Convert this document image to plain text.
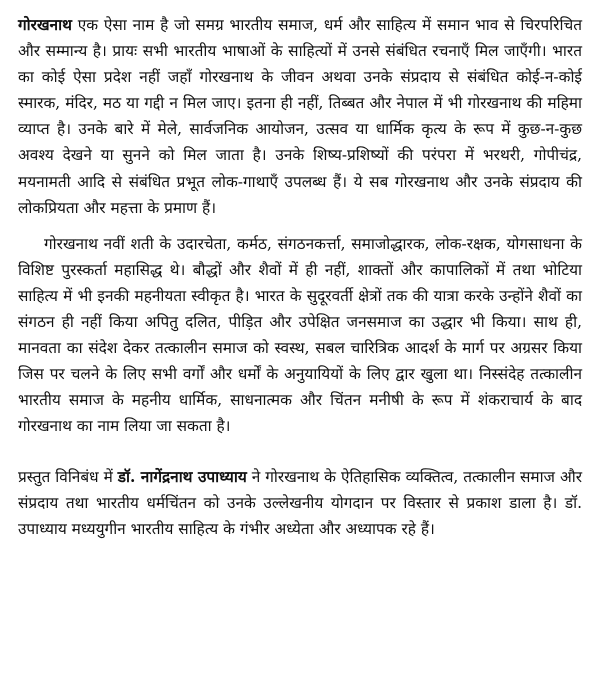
गोरखनाथ एक ऐसा नाम है जो समग्र भारतीय समाज, धर्म और साहित्य में समान भाव से चिरपरिचित और सम्मान्य है। प्रायः सभी भारतीय भाषाओं के साहित्यों में उनसे संबंधित रचनाएँ मिल जाएँगी। भारत का कोई ऐसा प्रदेश नहीं जहाँ गोरखनाथ के जीवन अथवा उनके संप्रदाय से संबंधित कोई-न-कोई स्मारक, मंदिर, मठ या गद्दी न मिल जाए। इतना ही नहीं, तिब्बत और नेपाल में भी गोरखनाथ की महिमा व्याप्त है। उनके बारे में मेले, सार्वजनिक आयोजन, उत्सव या धार्मिक कृत्य के रूप में कुछ-न-कुछ अवश्य देखने या सुनने को मिल जाता है। उनके शिष्य-प्रशिष्यों की परंपरा में भरथरी, गोपीचंद्र, मयनामती आदि से संबंधित प्रभूत लोक-गाथाएँ उपलब्ध हैं। ये सब गोरखनाथ और उनके संप्रदाय की लोकप्रियता और महत्ता के प्रमाण हैं।

गोरखनाथ नवीं शती के उदारचेता, कर्मठ, संगठनकर्त्ता, समाजोद्धारक, लोक-रक्षक, योगसाधना के विशिष्ट पुरस्कर्ता महासिद्ध थे। बौद्धों और शैवों में ही नहीं, शाक्तों और कापालिकों में तथा भोटिया साहित्य में भी इनकी महनीयता स्वीकृत है। भारत के सुदूरवर्ती क्षेत्रों तक की यात्रा करके उन्होंने शैवों का संगठन ही नहीं किया अपितु दलित, पीड़ित और उपेक्षित जनसमाज का उद्धार भी किया। साथ ही, मानवता का संदेश देकर तत्कालीन समाज को स्वस्थ, सबल चारित्रिक आदर्श के मार्ग पर अग्रसर किया जिस पर चलने के लिए सभी वर्गों और धर्मों के अनुयायियों के लिए द्वार खुला था। निस्संदेह तत्कालीन भारतीय समाज के महनीय धार्मिक, साधनात्मक और चिंतन मनीषी के रूप में शंकराचार्य के बाद गोरखनाथ का नाम लिया जा सकता है।

प्रस्तुत विनिबंध में डॉ. नागेंद्रनाथ उपाध्याय ने गोरखनाथ के ऐतिहासिक व्यक्तित्व, तत्कालीन समाज और संप्रदाय तथा भारतीय धर्मचिंतन को उनके उल्लेखनीय योगदान पर विस्तार से प्रकाश डाला है। डॉ. उपाध्याय मध्ययुगीन भारतीय साहित्य के गंभीर अध्येता और अध्यापक रहे हैं।
